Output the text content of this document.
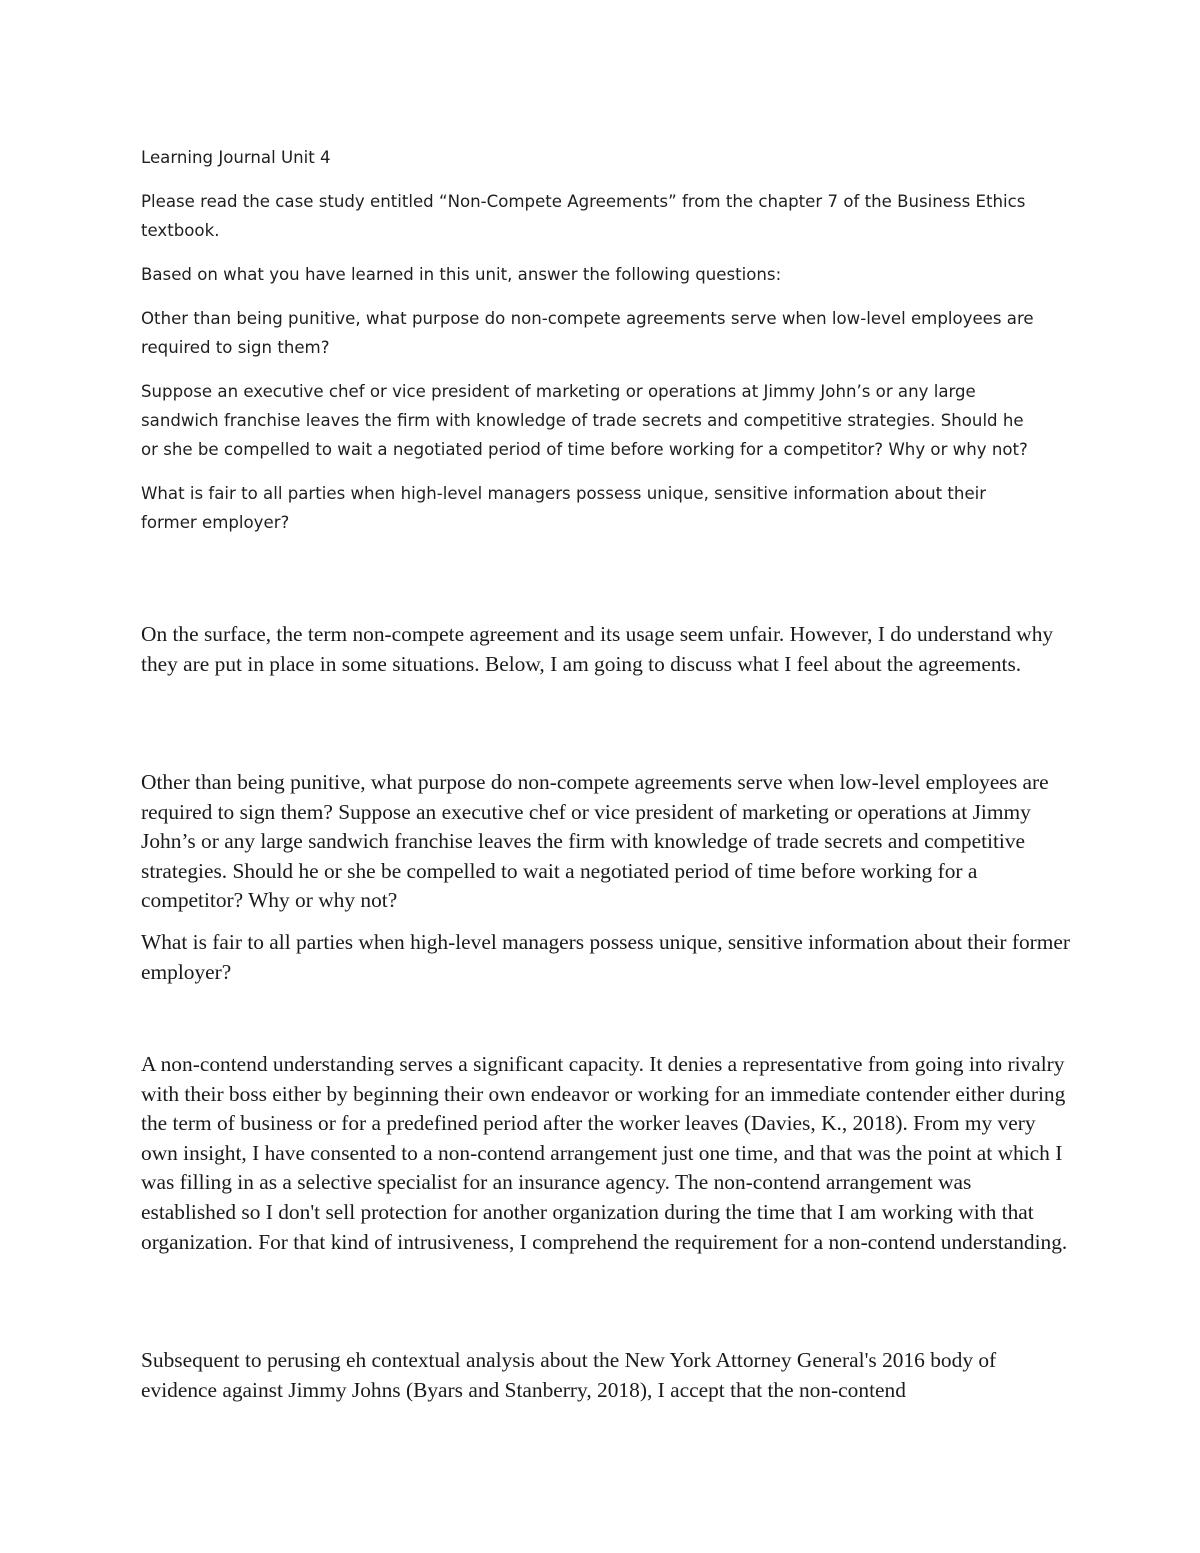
Learning Journal Unit 4

Please read the case study entitled “Non-Compete Agreements” from the chapter 7 of the Business Ethics textbook.

Based on what you have learned in this unit, answer the following questions:

Other than being punitive, what purpose do non-compete agreements serve when low-level employees are required to sign them?

Suppose an executive chef or vice president of marketing or operations at Jimmy John’s or any large sandwich franchise leaves the firm with knowledge of trade secrets and competitive strategies. Should he or she be compelled to wait a negotiated period of time before working for a competitor? Why or why not?

What is fair to all parties when high-level managers possess unique, sensitive information about their former employer?

On the surface, the term non-compete agreement and its usage seem unfair. However, I do understand why they are put in place in some situations. Below, I am going to discuss what I feel about the agreements.

Other than being punitive, what purpose do non-compete agreements serve when low-level employees are required to sign them? Suppose an executive chef or vice president of marketing or operations at Jimmy John’s or any large sandwich franchise leaves the firm with knowledge of trade secrets and competitive strategies. Should he or she be compelled to wait a negotiated period of time before working for a competitor? Why or why not?

What is fair to all parties when high-level managers possess unique, sensitive information about their former employer?

A non-contend understanding serves a significant capacity. It denies a representative from going into rivalry with their boss either by beginning their own endeavor or working for an immediate contender either during the term of business or for a predefined period after the worker leaves (Davies, K., 2018). From my very own insight, I have consented to a non-contend arrangement just one time, and that was the point at which I was filling in as a selective specialist for an insurance agency. The non-contend arrangement was established so I don't sell protection for another organization during the time that I am working with that organization. For that kind of intrusiveness, I comprehend the requirement for a non-contend understanding.

Subsequent to perusing eh contextual analysis about the New York Attorney General's 2016 body of evidence against Jimmy Johns (Byars and Stanberry, 2018), I accept that the non-contend
